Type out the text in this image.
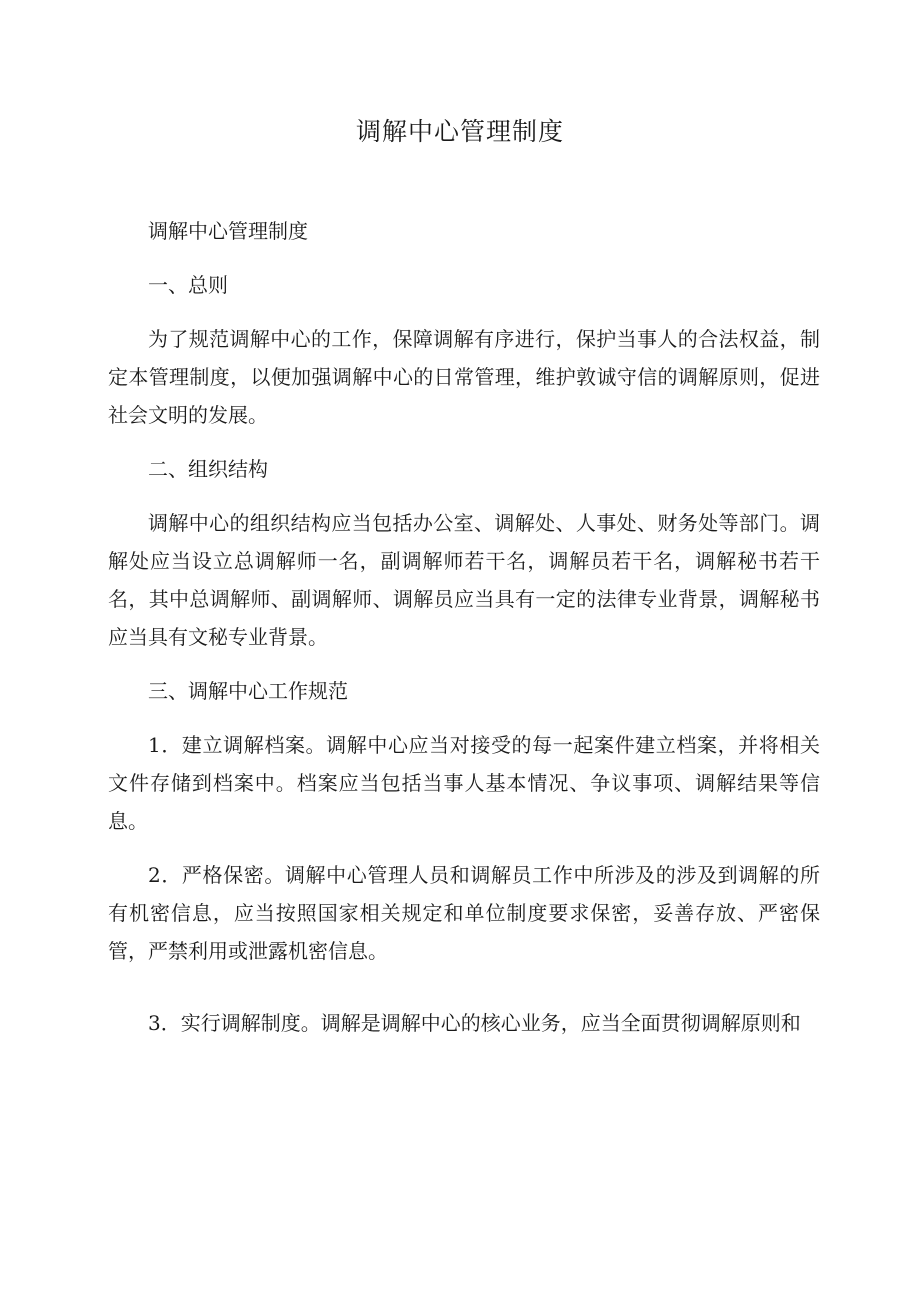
调解中心管理制度

调解中心管理制度

一、总则

为了规范调解中心的工作，保障调解有序进行，保护当事人的合法权益，制定本管理制度，以便加强调解中心的日常管理，维护敦诚守信的调解原则，促进社会文明的发展。

二、组织结构

调解中心的组织结构应当包括办公室、调解处、人事处、财务处等部门。调解处应当设立总调解师一名，副调解师若干名，调解员若干名，调解秘书若干名，其中总调解师、副调解师、调解员应当具有一定的法律专业背景，调解秘书应当具有文秘专业背景。

三、调解中心工作规范

1．建立调解档案。调解中心应当对接受的每一起案件建立档案，并将相关文件存储到档案中。档案应当包括当事人基本情况、争议事项、调解结果等信息。

2．严格保密。调解中心管理人员和调解员工作中所涉及的涉及到调解的所有机密信息，应当按照国家相关规定和单位制度要求保密，妥善存放、严密保管，严禁利用或泄露机密信息。

3．实行调解制度。调解是调解中心的核心业务，应当全面贯彻调解原则和
